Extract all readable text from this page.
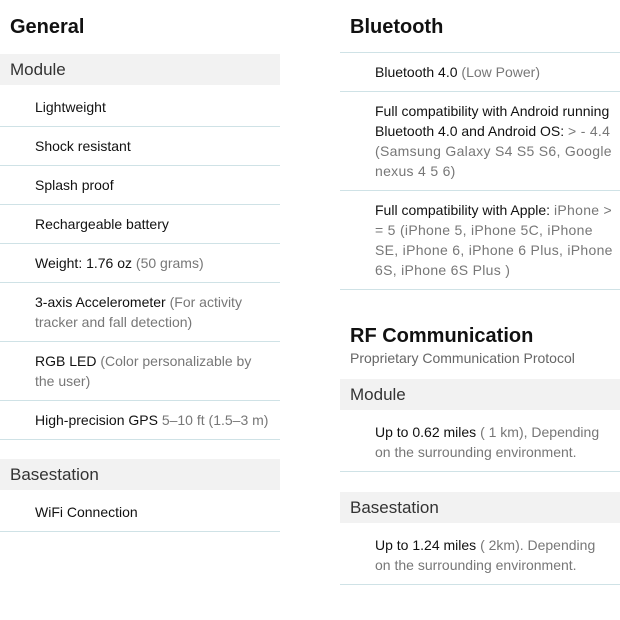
General
Module
Lightweight
Shock resistant
Splash proof
Rechargeable battery
Weight: 1.76 oz (50 grams)
3-axis Accelerometer (For activity tracker and fall detection)
RGB LED (Color personalizable by the user)
High-precision GPS 5–10 ft (1.5–3 m)
Basestation
WiFi Connection
Bluetooth
Bluetooth 4.0 (Low Power)
Full compatibility with Android running Bluetooth 4.0 and Android OS: > - 4.4 (Samsung Galaxy S4 S5 S6, Google nexus 4 5 6)
Full compatibility with Apple: iPhone > = 5 (iPhone 5, iPhone 5C, iPhone SE, iPhone 6, iPhone 6 Plus, iPhone 6S, iPhone 6S Plus )
RF Communication
Proprietary Communication Protocol
Module
Up to 0.62 miles ( 1 km), Depending on the surrounding environment.
Basestation
Up to 1.24 miles ( 2km). Depending on the surrounding environment.
